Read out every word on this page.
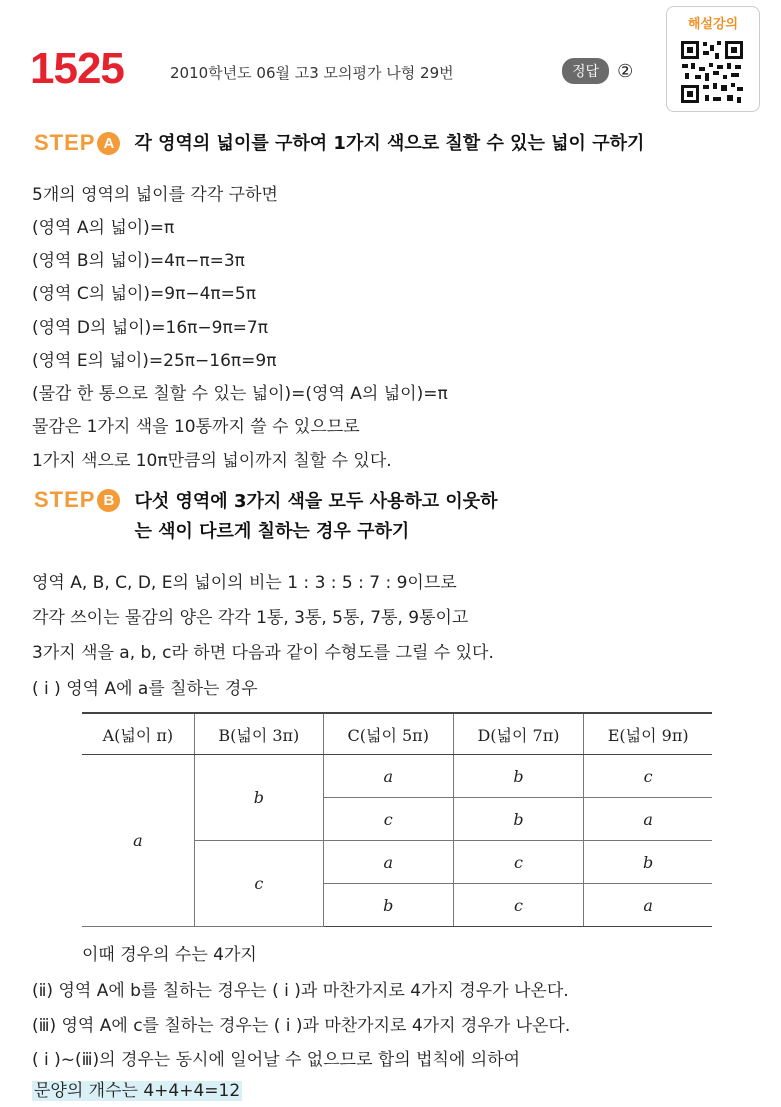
1525	2010학년도 06월 고3 모의평가 나형 29번	정답	②
해설강의
STEP A	각 영역의 넓이를 구하여 1가지 색으로 칠할 수 있는 넓이 구하기
5개의 영역의 넓이를 각각 구하면
(영역 A의 넓이)=π
(영역 B의 넓이)=4π−π=3π
(영역 C의 넓이)=9π−4π=5π
(영역 D의 넓이)=16π−9π=7π
(영역 E의 넓이)=25π−16π=9π
(물감 한 통으로 칠할 수 있는 넓이)=(영역 A의 넓이)=π
물감은 1가지 색을 10통까지 쓸 수 있으므로
1가지 색으로 10π만큼의 넓이까지 칠할 수 있다.
STEP B	다섯 영역에 3가지 색을 모두 사용하고 이웃하는 색이 다르게 칠하는 경우 구하기
영역 A, B, C, D, E의 넓이의 비는 1 : 3 : 5 : 7 : 9이므로
각각 쓰이는 물감의 양은 각각 1통, 3통, 5통, 7통, 9통이고
3가지 색을 a, b, c라 하면 다음과 같이 수형도를 그릴 수 있다.
( i ) 영역 A에 a를 칠하는 경우
A(넓이 π)	B(넓이 3π)	C(넓이 5π)	D(넓이 7π)	E(넓이 9π)
a	b	a	b	c
		c	b	a
	c	a	c	b
		b	c	a
이때 경우의 수는 4가지
(ⅱ) 영역 A에 b를 칠하는 경우는 ( i )과 마찬가지로 4가지 경우가 나온다.
(ⅲ) 영역 A에 c를 칠하는 경우는 ( i )과 마찬가지로 4가지 경우가 나온다.
( i )~(ⅲ)의 경우는 동시에 일어날 수 없으므로 합의 법칙에 의하여
문양의 개수는 4+4+4=12
